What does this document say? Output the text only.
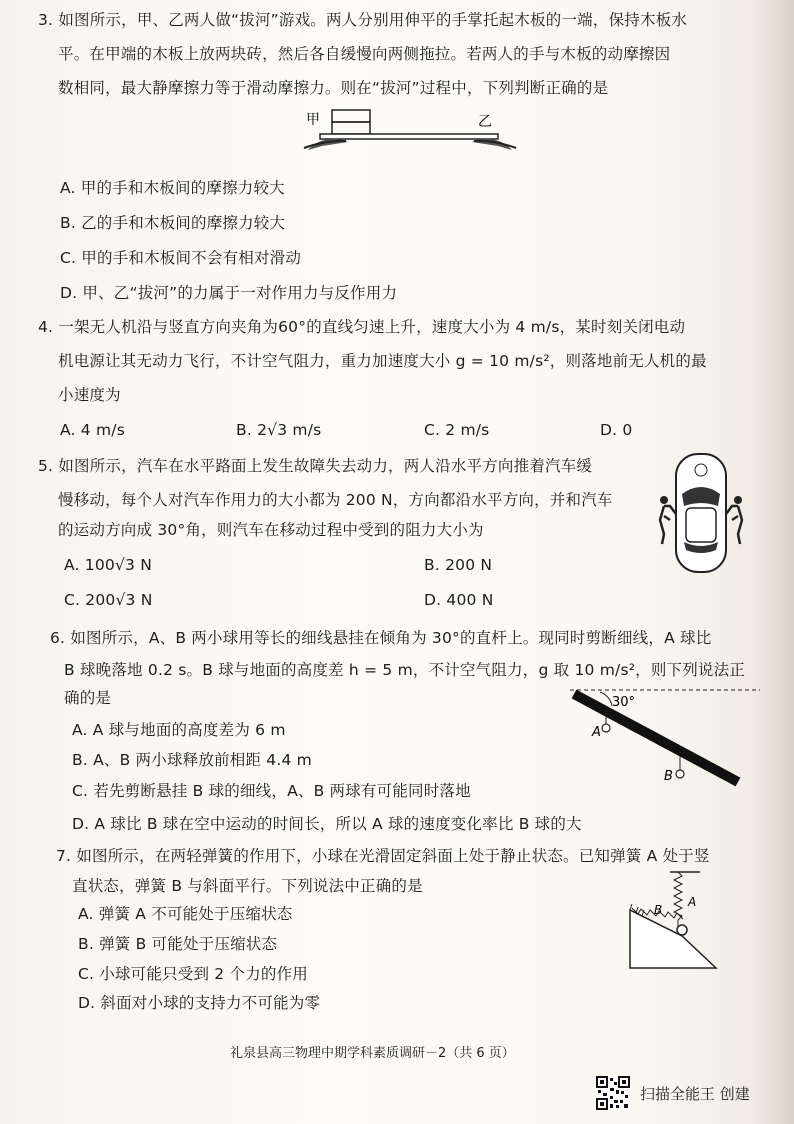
3. 如图所示，甲、乙两人做“拔河”游戏。两人分别用伸平的手掌托起木板的一端，保持木板水
平。在甲端的木板上放两块砖，然后各自缓慢向两侧拖拉。若两人的手与木板的动摩擦因
数相同，最大静摩擦力等于滑动摩擦力。则在“拔河”过程中，下列判断正确的是
甲	乙
A. 甲的手和木板间的摩擦力较大
B. 乙的手和木板间的摩擦力较大
C. 甲的手和木板间不会有相对滑动
D. 甲、乙“拔河”的力属于一对作用力与反作用力
4. 一架无人机沿与竖直方向夹角为60°的直线匀速上升，速度大小为 4 m/s，某时刻关闭电动
机电源让其无动力飞行，不计空气阻力，重力加速度大小 g = 10 m/s²，则落地前无人机的最
小速度为
A. 4 m/s	B. 2√3 m/s	C. 2 m/s	D. 0
5. 如图所示，汽车在水平路面上发生故障失去动力，两人沿水平方向推着汽车缓
慢移动，每个人对汽车作用力的大小都为 200 N，方向都沿水平方向，并和汽车
的运动方向成 30°角，则汽车在移动过程中受到的阻力大小为
A. 100√3 N	B. 200 N
C. 200√3 N	D. 400 N
6. 如图所示，A、B 两小球用等长的细线悬挂在倾角为 30°的直杆上。现同时剪断细线，A 球比
B 球晚落地 0.2 s。B 球与地面的高度差 h = 5 m，不计空气阻力，g 取 10 m/s²，则下列说法正
确的是	30°
A
B
A. A 球与地面的高度差为 6 m
B. A、B 两小球释放前相距 4.4 m
C. 若先剪断悬挂 B 球的细线，A、B 两球有可能同时落地
D. A 球比 B 球在空中运动的时间长，所以 A 球的速度变化率比 B 球的大
7. 如图所示，在两轻弹簧的作用下，小球在光滑固定斜面上处于静止状态。已知弹簧 A 处于竖
直状态，弹簧 B 与斜面平行。下列说法中正确的是
A
B
A. 弹簧 A 不可能处于压缩状态
B. 弹簧 B 可能处于压缩状态
C. 小球可能只受到 2 个力的作用
D. 斜面对小球的支持力不可能为零
礼泉县高三物理中期学科素质调研－2（共 6 页）
扫描全能王 创建
